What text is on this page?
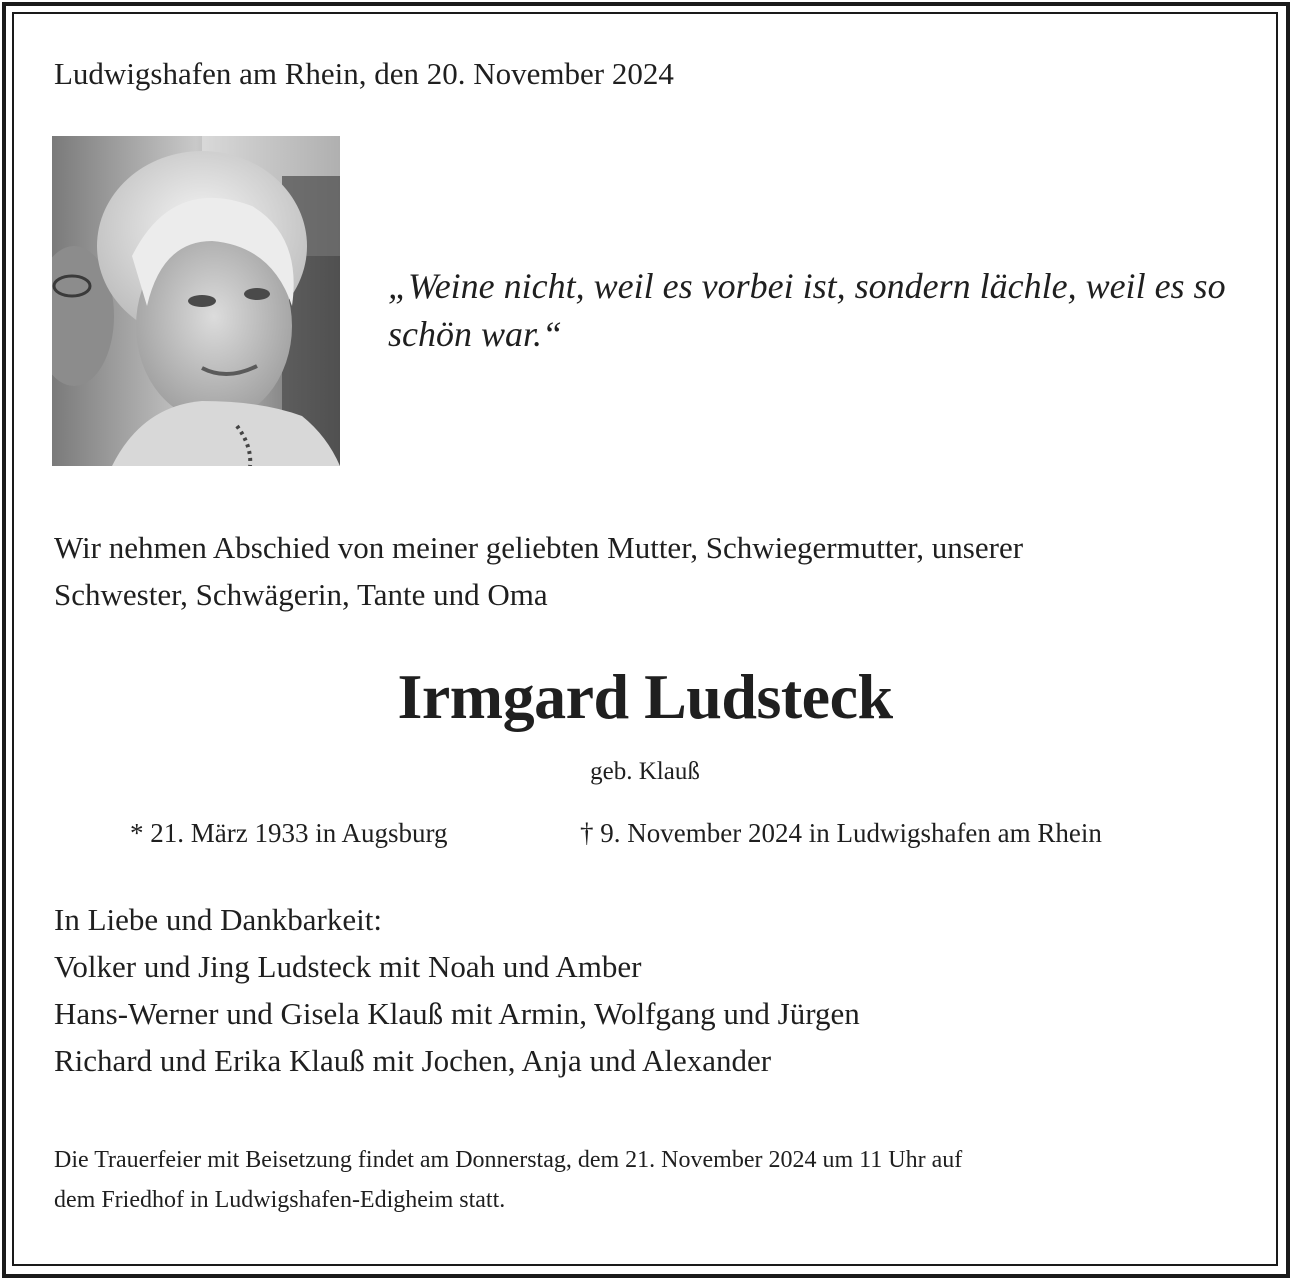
Ludwigshafen am Rhein, den 20. November 2024
„Weine nicht, weil es vorbei ist, sondern lächle, weil es so
schön war.“
Wir nehmen Abschied von meiner geliebten Mutter, Schwiegermutter, unserer
Schwester, Schwägerin, Tante und Oma
Irmgard Ludsteck
geb. Klauß
* 21. März 1933 in Augsburg	† 9. November 2024 in Ludwigshafen am Rhein
In Liebe und Dankbarkeit:
Volker und Jing Ludsteck mit Noah und Amber
Hans-Werner und Gisela Klauß mit Armin, Wolfgang und Jürgen
Richard und Erika Klauß mit Jochen, Anja und Alexander
Die Trauerfeier mit Beisetzung findet am Donnerstag, dem 21. November 2024 um 11 Uhr auf
dem Friedhof in Ludwigshafen-Edigheim statt.
